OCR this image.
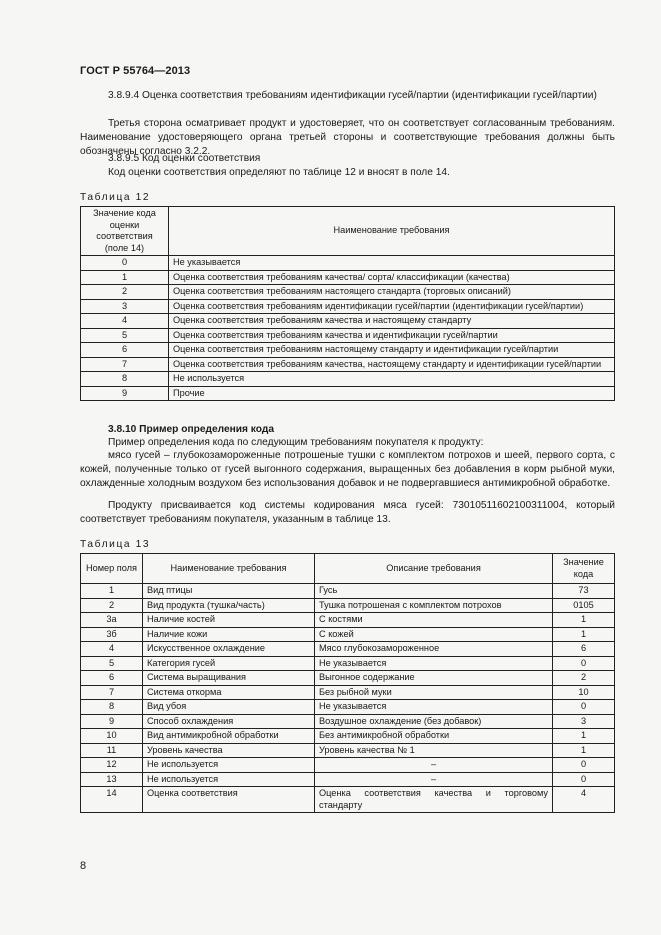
ГОСТ Р 55764—2013
3.8.9.4 Оценка соответствия требованиям идентификации гусей/партии (идентификации гусей/партии)
Третья сторона осматривает продукт и удостоверяет, что он соответствует согласованным требованиям. Наименование удостоверяющего органа третьей стороны и соответствующие требования должны быть обозначены согласно 3.2.2.
3.8.9.5 Код оценки соответствия
Код оценки соответствия определяют по таблице 12 и вносят в поле 14.
Таблица 12
Значение кода оценки соответствия (поле 14)	Наименование требования
0	Не указывается
1	Оценка соответствия требованиям качества/ сорта/ классификации (качества)
2	Оценка соответствия требованиям настоящего стандарта (торговых описаний)
3	Оценка соответствия требованиям идентификации гусей/партии (идентификации гусей/партии)
4	Оценка соответствия требованиям качества и настоящему стандарту
5	Оценка соответствия требованиям качества и идентификации гусей/партии
6	Оценка соответствия требованиям настоящему стандарту и идентификации гусей/партии
7	Оценка соответствия требованиям качества, настоящему стандарту и идентификации гусей/партии
8	Не используется
9	Прочие
3.8.10 Пример определения кода
Пример определения кода по следующим требованиям покупателя к продукту:
мясо гусей – глубокозамороженные потрошеные тушки с комплектом потрохов и шеей, первого сорта, с кожей, полученные только от гусей выгонного содержания, выращенных без добавления в корм рыбной муки, охлажденные холодным воздухом без использования добавок и не подвергавшиеся антимикробной обработке.
Продукту присваивается код системы кодирования мяса гусей: 73010511602100311004, который соответствует требованиям покупателя, указанным в таблице 13.
Таблица 13
Номер поля	Наименование требования	Описание требования	Значение кода
1	Вид птицы	Гусь	73
2	Вид продукта (тушка/часть)	Тушка потрошеная с комплектом потрохов	0105
3а	Наличие костей	С костями	1
3б	Наличие кожи	С кожей	1
4	Искусственное охлаждение	Мясо глубокозамороженное	6
5	Категория гусей	Не указывается	0
6	Система выращивания	Выгонное содержание	2
7	Система откорма	Без рыбной муки	10
8	Вид убоя	Не указывается	0
9	Способ охлаждения	Воздушное охлаждение (без добавок)	3
10	Вид антимикробной обработки	Без антимикробной обработки	1
11	Уровень качества	Уровень качества № 1	1
12	Не используется	–	0
13	Не используется	–	0
14	Оценка соответствия	Оценка соответствия качества и торговому стандарту	4
8
